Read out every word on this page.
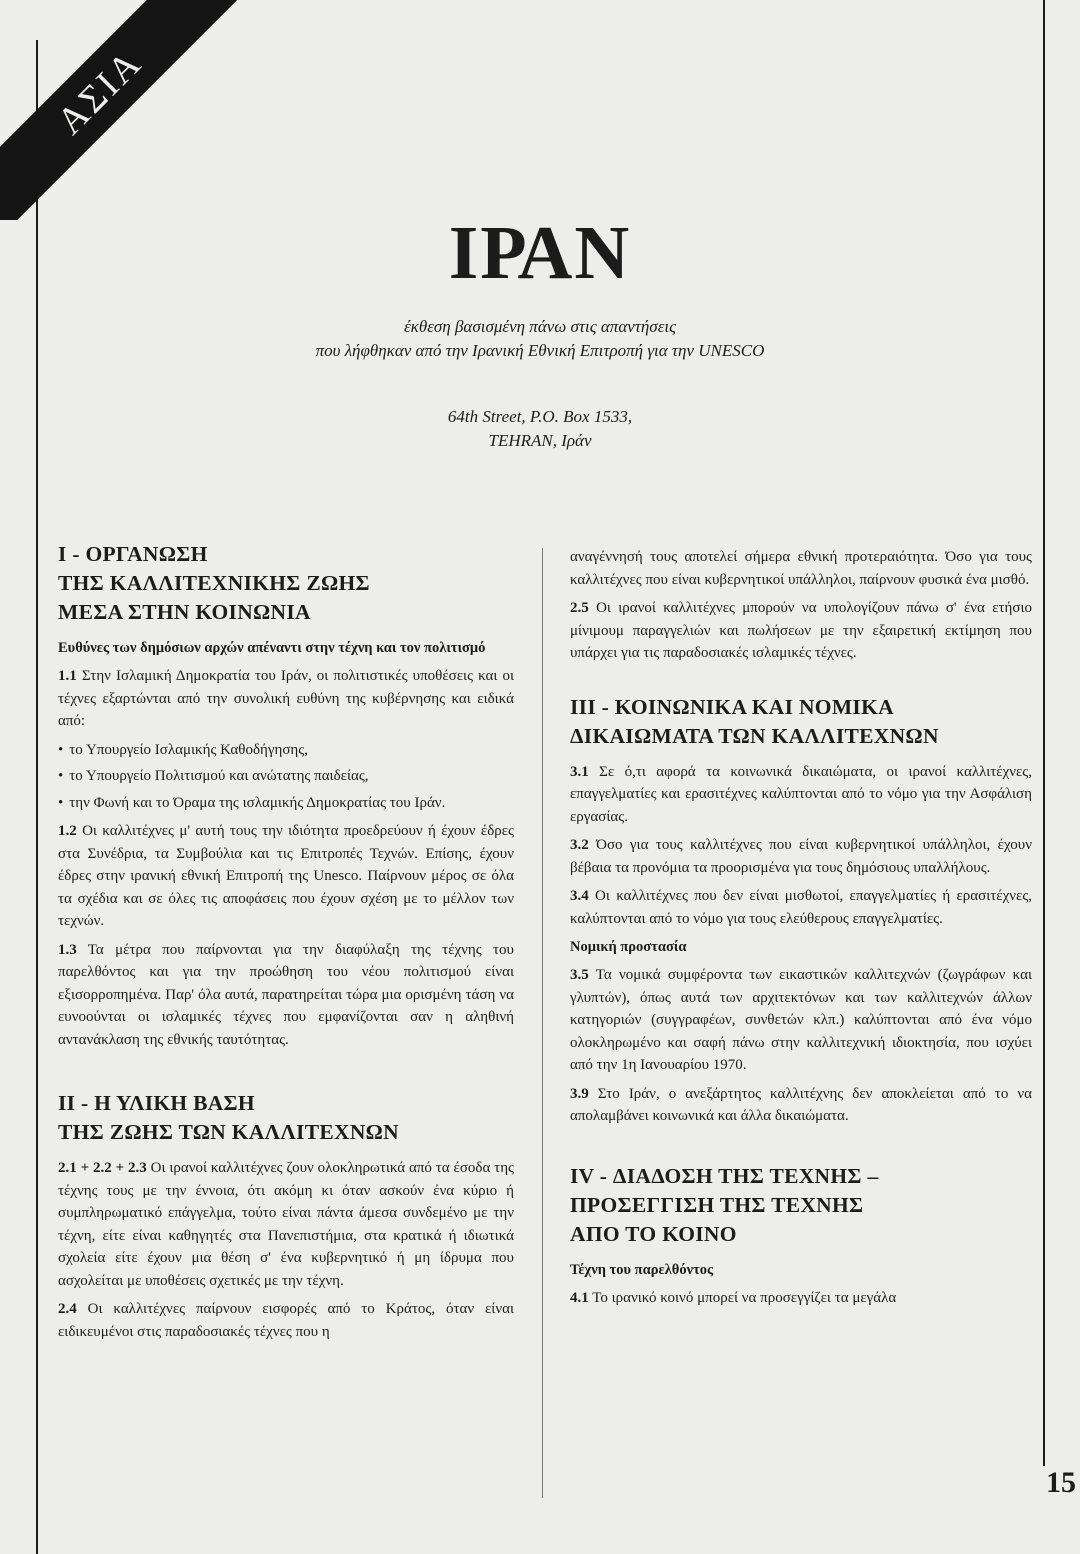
ΑΣΙΑ
ΙΡΑΝ
έκθεση βασισμένη πάνω στις απαντήσεις
που λήφθηκαν από την Ιρανική Εθνική Επιτροπή για την UNESCO
64th Street, P.O. Box 1533,
TEHRAN, Ιράν
Ι - ΟΡΓΑΝΩΣΗ
ΤΗΣ ΚΑΛΛΙΤΕΧΝΙΚΗΣ ΖΩΗΣ
ΜΕΣΑ ΣΤΗΝ ΚΟΙΝΩΝΙΑ
Ευθύνες των δημόσιων αρχών απέναντι στην τέχνη και τον πολιτισμό

1.1 Στην Ισλαμική Δημοκρατία του Ιράν, οι πολιτιστικές υποθέσεις και οι τέχνες εξαρτώνται από την συνολική ευθύνη της κυβέρνησης και ειδικά από:

• το Υπουργείο Ισλαμικής Καθοδήγησης,
• το Υπουργείο Πολιτισμού και ανώτατης παιδείας,
• την Φωνή και το Όραμα της ισλαμικής Δημοκρατίας του Ιράν.

1.2 Οι καλλιτέχνες μ' αυτή τους την ιδιότητα προεδρεύουν ή έχουν έδρες στα Συνέδρια, τα Συμβούλια και τις Επιτροπές Τεχνών. Επίσης, έχουν έδρες στην ιρανική εθνική Επιτροπή της Unesco. Παίρνουν μέρος σε όλα τα σχέδια και σε όλες τις αποφάσεις που έχουν σχέση με το μέλλον των τεχνών.

1.3 Τα μέτρα που παίρνονται για την διαφύλαξη της τέχνης του παρελθόντος και για την προώθηση του νέου πολιτισμού είναι εξισορροπημένα. Παρ' όλα αυτά, παρατηρείται τώρα μια ορισμένη τάση να ευνοούνται οι ισλαμικές τέχνες που εμφανίζονται σαν η αληθινή αντανάκλαση της εθνικής ταυτότητας.

ΙΙ - Η ΥΛΙΚΗ ΒΑΣΗ
ΤΗΣ ΖΩΗΣ ΤΩΝ ΚΑΛΛΙΤΕΧΝΩΝ

2.1 + 2.2 + 2.3 Οι ιρανοί καλλιτέχνες ζουν ολοκληρωτικά από τα έσοδα της τέχνης τους με την έννοια, ότι ακόμη κι όταν ασκούν ένα κύριο ή συμπληρωματικό επάγγελμα, τούτο είναι πάντα άμεσα συνδεμένο με την τέχνη, είτε είναι καθηγητές στα Πανεπιστήμια, στα κρατικά ή ιδιωτικά σχολεία είτε έχουν μια θέση σ' ένα κυβερνητικό ή μη ίδρυμα που ασχολείται με υποθέσεις σχετικές με την τέχνη.

2.4 Οι καλλιτέχνες παίρνουν εισφορές από το Κράτος, όταν είναι ειδικευμένοι στις παραδοσιακές τέχνες που η

αναγέννησή τους αποτελεί σήμερα εθνική προτεραιότητα. Όσο για τους καλλιτέχνες που είναι κυβερνητικοί υπάλληλοι, παίρνουν φυσικά ένα μισθό.

2.5 Οι ιρανοί καλλιτέχνες μπορούν να υπολογίζουν πάνω σ' ένα ετήσιο μίνιμουμ παραγγελιών και πωλήσεων με την εξαιρετική εκτίμηση που υπάρχει για τις παραδοσιακές ισλαμικές τέχνες.

ΙΙΙ - ΚΟΙΝΩΝΙΚΑ ΚΑΙ ΝΟΜΙΚΑ
ΔΙΚΑΙΩΜΑΤΑ ΤΩΝ ΚΑΛΛΙΤΕΧΝΩΝ

3.1 Σε ό,τι αφορά τα κοινωνικά δικαιώματα, οι ιρανοί καλλιτέχνες, επαγγελματίες και ερασιτέχνες καλύπτονται από το νόμο για την Ασφάλιση εργασίας.

3.2 Όσο για τους καλλιτέχνες που είναι κυβερνητικοί υπάλληλοι, έχουν βέβαια τα προνόμια τα προορισμένα για τους δημόσιους υπαλλήλους.

3.4 Οι καλλιτέχνες που δεν είναι μισθωτοί, επαγγελματίες ή ερασιτέχνες, καλύπτονται από το νόμο για τους ελεύθερους επαγγελματίες.

Νομική προστασία

3.5 Τα νομικά συμφέροντα των εικαστικών καλλιτεχνών (ζωγράφων και γλυπτών), όπως αυτά των αρχιτεκτόνων και των καλλιτεχνών άλλων κατηγοριών (συγγραφέων, συνθετών κλπ.) καλύπτονται από ένα νόμο ολοκληρωμένο και σαφή πάνω στην καλλιτεχνική ιδιοκτησία, που ισχύει από την 1η Ιανουαρίου 1970.

3.9 Στο Ιράν, ο ανεξάρτητος καλλιτέχνης δεν αποκλείεται από το να απολαμβάνει κοινωνικά και άλλα δικαιώματα.

IV - ΔΙΑΔΟΣΗ ΤΗΣ ΤΕΧΝΗΣ –
ΠΡΟΣΕΓΓΙΣΗ ΤΗΣ ΤΕΧΝΗΣ
ΑΠΟ ΤΟ ΚΟΙΝΟ
Τέχνη του παρελθόντος

4.1 Το ιρανικό κοινό μπορεί να προσεγγίζει τα μεγάλα

15
